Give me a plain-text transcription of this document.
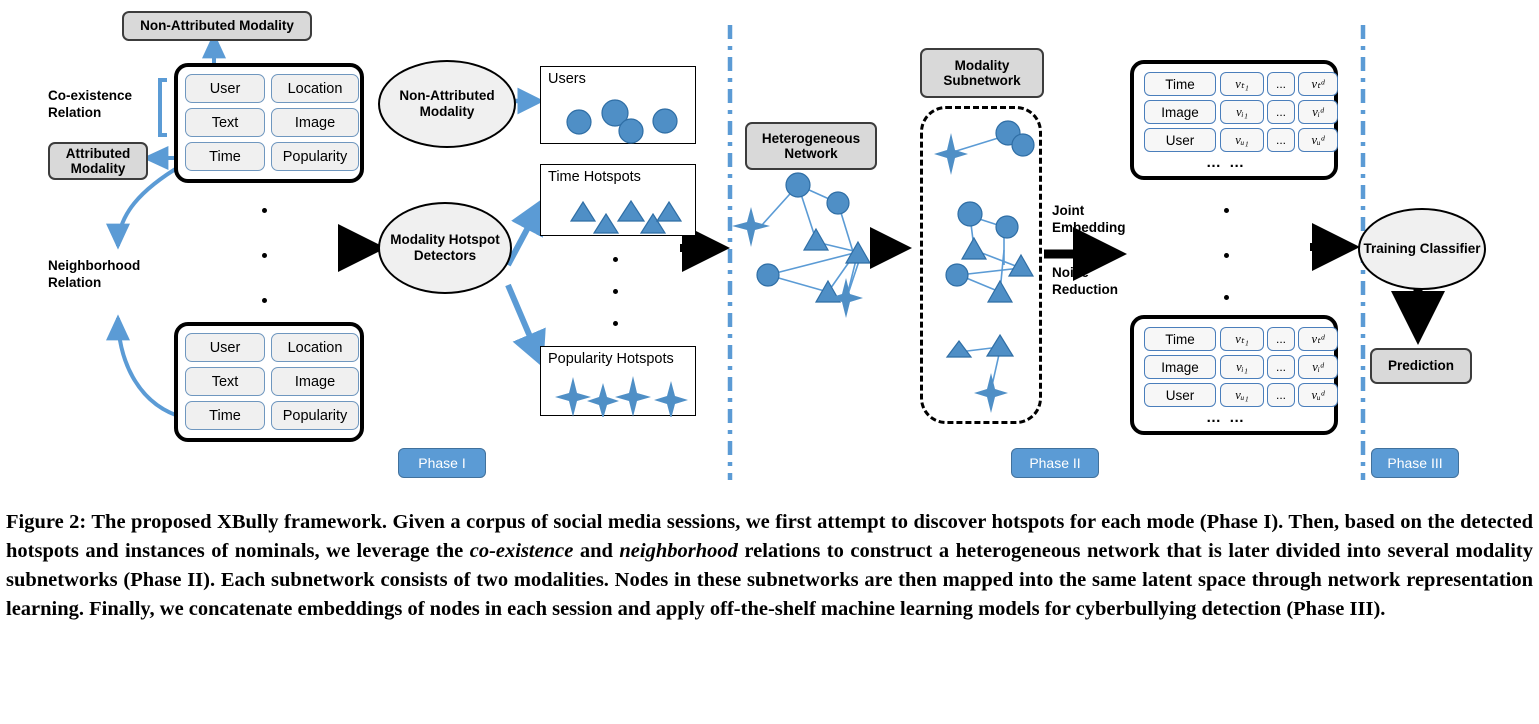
Non-Attributed Modality
Co-existence Relation
Attributed Modality
Neighborhood Relation
User	Location
Text	Image
Time	Popularity
User	Location
Text	Image
Time	Popularity
Non-Attributed Modality
Modality Hotspot Detectors
Users
Time Hotspots
Popularity Hotspots
Phase I
Heterogeneous Network
Modality Subnetwork
Joint Embedding
Noise Reduction
Time	vₜ₁	...	vₜᵈ
Image	vᵢ₁	...	vᵢᵈ
User	vᵤ₁	...	vᵤᵈ
… …
Time	vₜ₁	...	vₜᵈ
Image	vᵢ₁	...	vᵢᵈ
User	vᵤ₁	...	vᵤᵈ
… …
Phase II
Training Classifier
Prediction
Phase III
Figure 2: The proposed XBully framework. Given a corpus of social media sessions, we first attempt to discover hotspots for each mode (Phase I). Then, based on the detected hotspots and instances of nominals, we leverage the co-existence and neighborhood relations to construct a heterogeneous network that is later divided into several modality subnetworks (Phase II). Each subnetwork consists of two modalities. Nodes in these subnetworks are then mapped into the same latent space through network representation learning. Finally, we concatenate embeddings of nodes in each session and apply off-the-shelf machine learning models for cyberbullying detection (Phase III).
